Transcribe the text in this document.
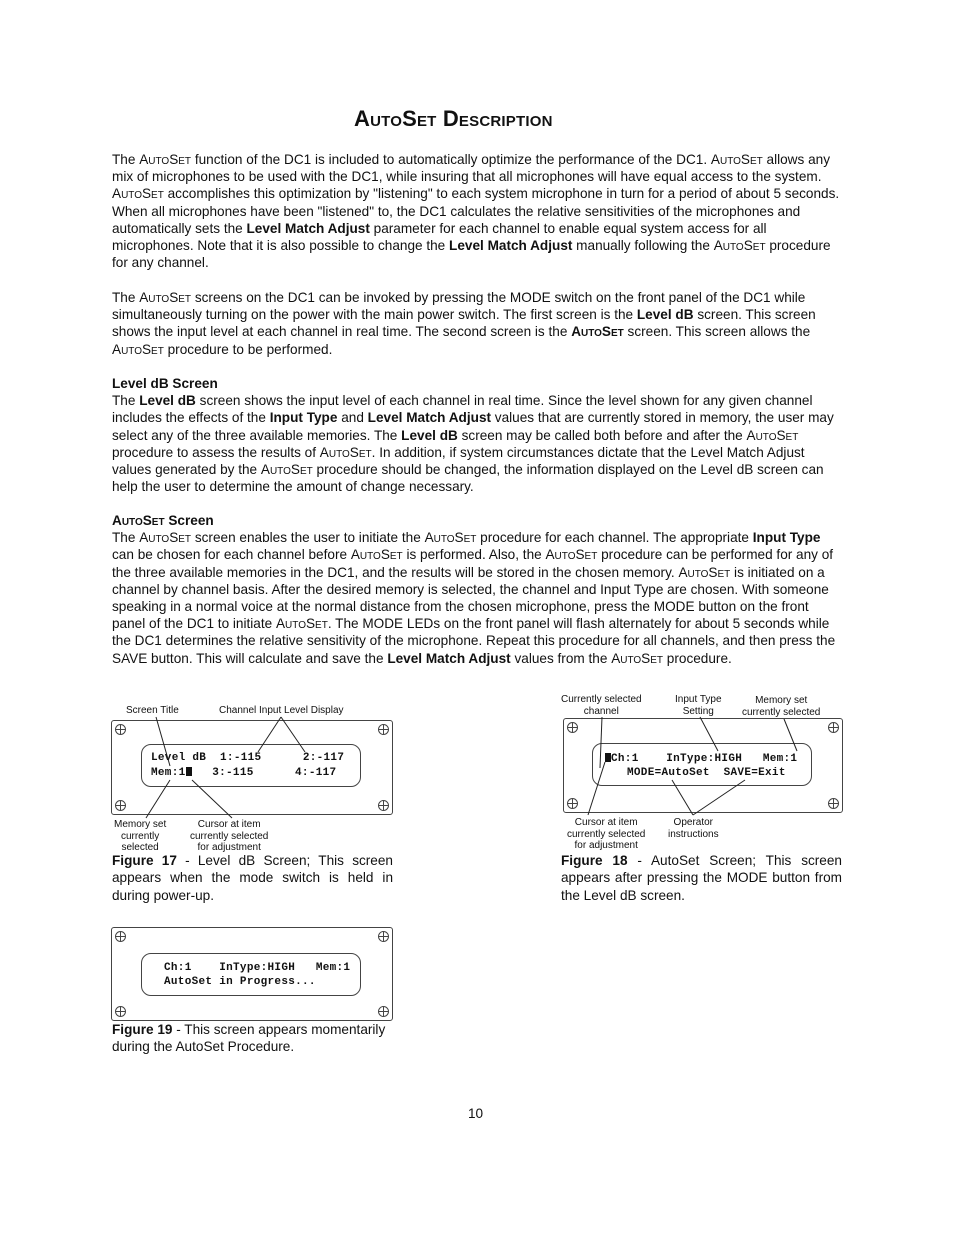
AutoSet Description

The AutoSet function of the DC1 is included to automatically optimize the performance of the DC1. AutoSet allows any mix of microphones to be used with the DC1, while insuring that all microphones will have equal access to the system. AutoSet accomplishes this optimization by "listening" to each system microphone in turn for a period of about 5 seconds. When all microphones have been "listened" to, the DC1 calculates the relative sensitivities of the microphones and automatically sets the Level Match Adjust parameter for each channel to enable equal system access for all microphones. Note that it is also possible to change the Level Match Adjust manually following the AutoSet procedure for any channel.

The AutoSet screens on the DC1 can be invoked by pressing the MODE switch on the front panel of the DC1 while simultaneously turning on the power with the main power switch. The first screen is the Level dB screen. This screen shows the input level at each channel in real time. The second screen is the AutoSet screen. This screen allows the AutoSet procedure to be performed.

Level dB Screen
The Level dB screen shows the input level of each channel in real time. Since the level shown for any given channel includes the effects of the Input Type and Level Match Adjust values that are currently stored in memory, the user may select any of the three available memories. The Level dB screen may be called both before and after the AutoSet procedure to assess the results of AutoSet. In addition, if system circumstances dictate that the Level Match Adjust values generated by the AutoSet procedure should be changed, the information displayed on the Level dB screen can help the user to determine the amount of change necessary.

AutoSet Screen
The AutoSet screen enables the user to initiate the AutoSet procedure for each channel. The appropriate Input Type can be chosen for each channel before AutoSet is performed. Also, the AutoSet procedure can be performed for any of the three available memories in the DC1, and the results will be stored in the chosen memory. AutoSet is initiated on a channel by channel basis. After the desired memory is selected, the channel and Input Type are chosen. With someone speaking in a normal voice at the normal distance from the chosen microphone, press the MODE button on the front panel of the DC1 to initiate AutoSet. The MODE LEDs on the front panel will flash alternately for about 5 seconds while the DC1 determines the relative sensitivity of the microphone. Repeat this procedure for all channels, and then press the SAVE button. This will calculate and save the Level Match Adjust values from the AutoSet procedure.

Screen Title	Channel Input Level Display
Level dB  1:-115      2:-117
Mem:1   3:-115      4:-117
Memory set
currently
selected
Cursor at item
currently selected
for adjustment

Figure 17 - Level dB Screen; This screen appears when the mode switch is held in during power-up.

Currently selected
channel
Input Type
Setting
Memory set
currently selected
Ch:1    InType:HIGH   Mem:1
MODE=AutoSet  SAVE=Exit
Cursor at item
currently selected
for adjustment
Operator
instructions

Figure 18 - AutoSet Screen; This screen appears after pressing the MODE button from the Level dB screen.

Ch:1    InType:HIGH   Mem:1
AutoSet in Progress...

Figure 19 - This screen appears momentarily during the AutoSet Procedure.

10
